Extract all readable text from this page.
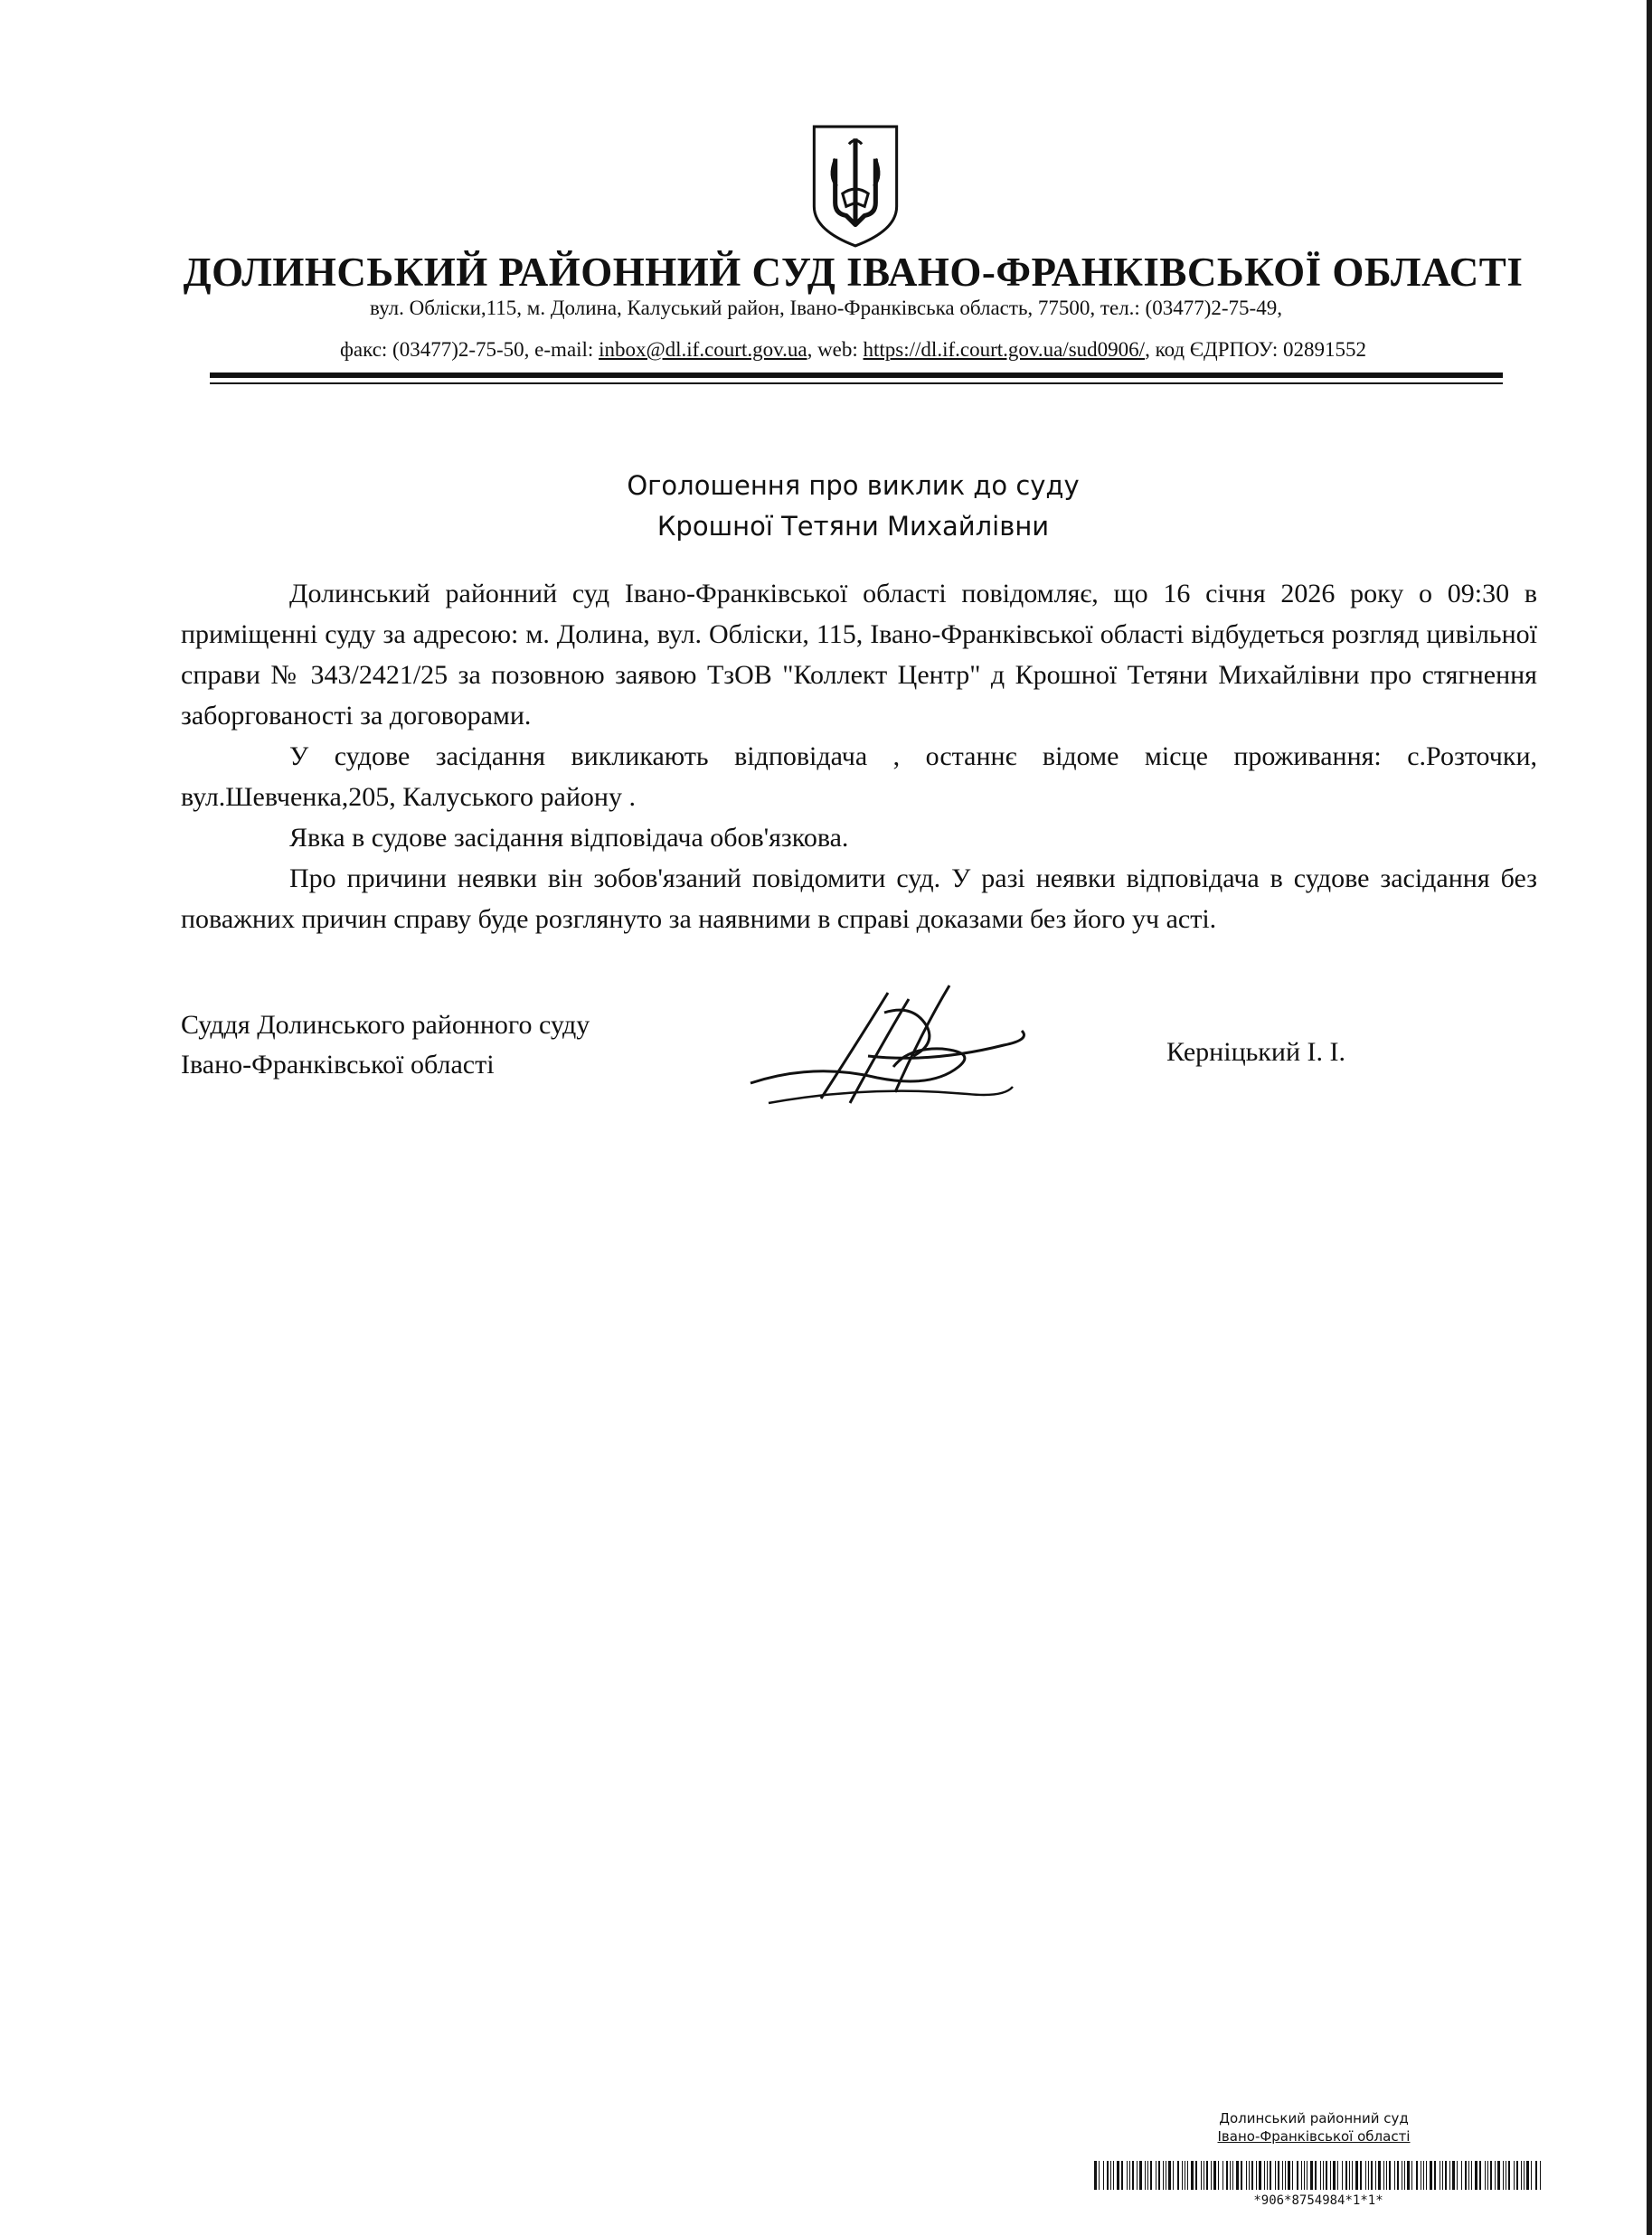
ДОЛИНСЬКИЙ РАЙОННИЙ СУД ІВАНО-ФРАНКІВСЬКОЇ ОБЛАСТІ
вул. Обліски,115, м. Долина, Калуський район, Івано-Франківська область, 77500, тел.: (03477)2-75-49,
факс: (03477)2-75-50, e-mail: inbox@dl.if.court.gov.ua, web: https://dl.if.court.gov.ua/sud0906/, код ЄДРПОУ: 02891552
Оголошення про виклик до суду
Крошної Тетяни Михайлівни

Долинський районний суд Івано-Франківської області повідомляє, що 16 січня 2026 року о 09:30 в приміщенні суду за адресою: м. Долина, вул. Обліски, 115, Івано-Франківської області відбудеться розгляд цивільної справи № 343/2421/25 за позовною заявою ТзОВ "Коллект Центр" д Крошної Тетяни Михайлівни про стягнення заборгованості за договорами.

У судове засідання викликають відповідача , останнє відоме місце проживання: с.Розточки, вул.Шевченка,205, Калуського району .

Явка в судове засідання відповідача обов'язкова.

Про причини неявки він зобов'язаний повідомити суд. У разі неявки відповідача в судове засідання без поважних причин справу буде розглянуто за наявними в справі доказами без його уч асті.

Суддя Долинського районного суду
Івано-Франківської області	Керніцький І. І.
Долинський районний суд
Івано-Франківської області
*906*8754984*1*1*
